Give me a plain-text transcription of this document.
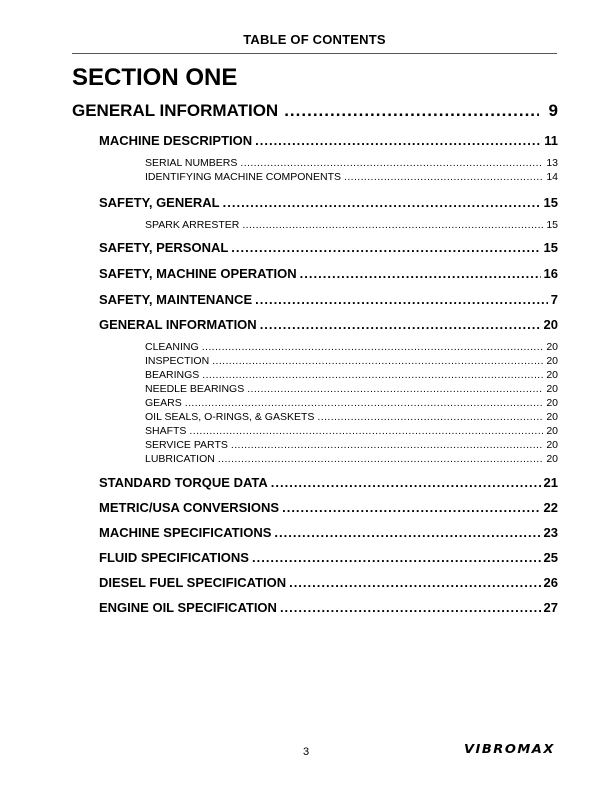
TABLE OF CONTENTS
SECTION ONE
GENERAL INFORMATION .....	9
MACHINE DESCRIPTION .....	11
SERIAL NUMBERS .....	13
IDENTIFYING MACHINE COMPONENTS .....	14
SAFETY, GENERAL .....	15
SPARK ARRESTER .....	15
SAFETY, PERSONAL .....	15
SAFETY, MACHINE OPERATION .....	16
SAFETY, MAINTENANCE .....	7
GENERAL INFORMATION .....	20
CLEANING .....	20
INSPECTION .....	20
BEARINGS .....	20
NEEDLE BEARINGS .....	20
GEARS .....	20
OIL SEALS, O-RINGS, & GASKETS .....	20
SHAFTS .....	20
SERVICE PARTS .....	20
LUBRICATION .....	20
STANDARD TORQUE DATA .....	21
METRIC/USA CONVERSIONS .....	22
MACHINE SPECIFICATIONS .....	23
FLUID SPECIFICATIONS .....	25
DIESEL FUEL SPECIFICATION .....	26
ENGINE OIL SPECIFICATION .....	27
3	VIBROMAX
